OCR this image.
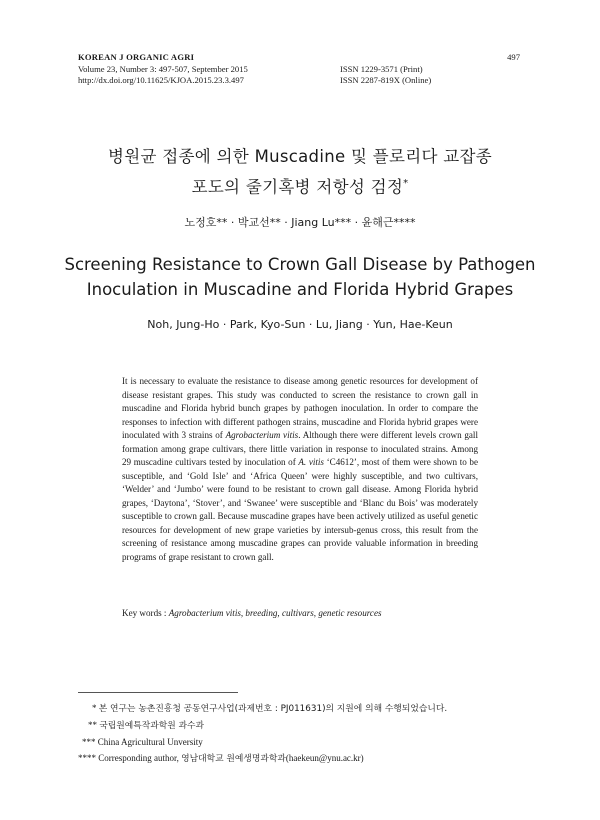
KOREAN J ORGANIC AGRI
Volume 23, Number 3: 497-507, September 2015
http://dx.doi.org/10.11625/KJOA.2015.23.3.497
497
ISSN 1229-3571 (Print)
ISSN 2287-819X (Online)
병원균 접종에 의한 Muscadine 및 플로리다 교잡종
포도의 줄기혹병 저항성 검정*
노정호** · 박교선** · Jiang Lu*** · 윤해근****
Screening Resistance to Crown Gall Disease by Pathogen
Inoculation in Muscadine and Florida Hybrid Grapes
Noh, Jung-Ho · Park, Kyo-Sun · Lu, Jiang · Yun, Hae-Keun
It is necessary to evaluate the resistance to disease among genetic resources for development of disease resistant grapes. This study was conducted to screen the resistance to crown gall in muscadine and Florida hybrid bunch grapes by pathogen inoculation. In order to compare the responses to infection with different pathogen strains, muscadine and Florida hybrid grapes were inoculated with 3 strains of Agrobacterium vitis. Although there were different levels crown gall formation among grape cultivars, there little variation in response to inoculated strains. Among 29 muscadine cultivars tested by inoculation of A. vitis ‘C4612’, most of them were shown to be susceptible, and ‘Gold Isle’ and ‘Africa Queen’ were highly susceptible, and two cultivars, ‘Welder’ and ‘Jumbo’ were found to be resistant to crown gall disease. Among Florida hybrid grapes, ‘Daytona’, ‘Stover’, and ‘Swanee’ were susceptible and ‘Blanc du Bois’ was moderately susceptible to crown gall. Because muscadine grapes have been actively utilized as useful genetic resources for development of new grape varieties by intersub-genus cross, this result from the screening of resistance among muscadine grapes can provide valuable information in breeding programs of grape resistant to crown gall.
Key words : Agrobacterium vitis, breeding, cultivars, genetic resources
* 본 연구는 농촌진흥청 공동연구사업(과제번호 : PJ011631)의 지원에 의해 수행되었습니다.
** 국립원예특작과학원 과수과
*** China Agricultural Unversity
**** Corresponding author, 영남대학교 원예생명과학과(haekeun@ynu.ac.kr)
